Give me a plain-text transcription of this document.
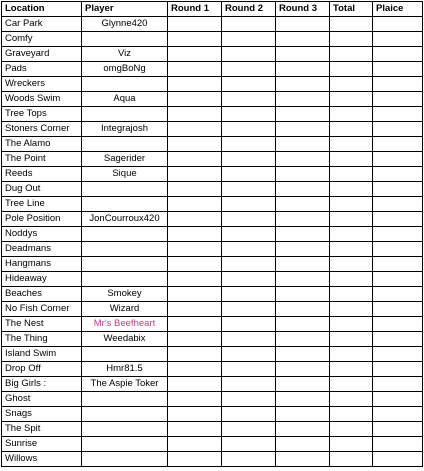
Location	Player	Round 1	Round 2	Round 3	Total	Plaice
Car Park	Glynne420					
Comfy						
Graveyard	Viz					
Pads	omgBoNg					
Wreckers						
Woods Swim	Aqua					
Tree Tops						
Stoners Corner	Integrajosh					
The Alamo						
The Point	Sagerider					
Reeds	Sique					
Dug Out						
Tree Line						
Pole Position	JonCourroux420					
Noddys						
Deadmans						
Hangmans						
Hideaway						
Beaches	Smokey					
No Fish Corner	Wizard					
The Nest	Mr's Beefheart					
The Thing	Weedabix					
Island Swim						
Drop Off	Hmr81.5					
Big Girls :	The Aspie Toker					
Ghost						
Snags						
The Spit						
Sunrise						
Willows						
